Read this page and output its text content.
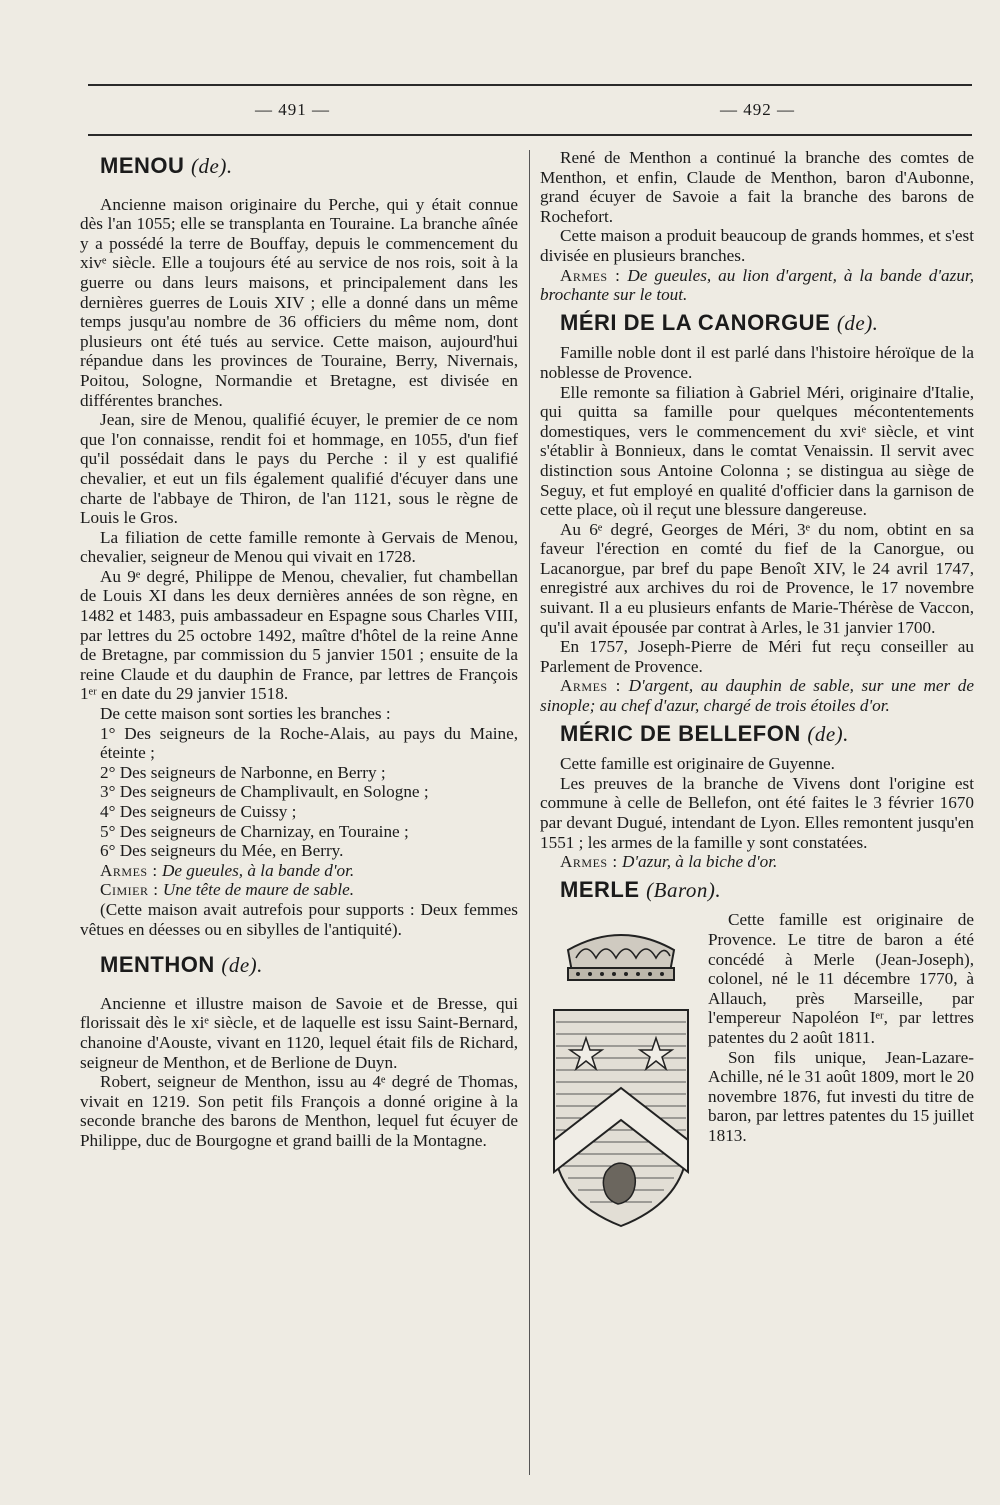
— 491 —	— 492 —
MENOU (de).

Ancienne maison originaire du Perche, qui y était connue dès l'an 1055; elle se transplanta en Touraine. La branche aînée y a possédé la terre de Bouffay, depuis le commencement du xivᵉ siècle. Elle a toujours été au service de nos rois, soit à la guerre ou dans leurs maisons, et principalement dans les dernières guerres de Louis XIV ; elle a donné dans un même temps jusqu'au nombre de 36 officiers du même nom, dont plusieurs ont été tués au service. Cette maison, aujourd'hui répandue dans les provinces de Touraine, Berry, Nivernais, Poitou, Sologne, Normandie et Bretagne, est divisée en différentes branches.

Jean, sire de Menou, qualifié écuyer, le premier de ce nom que l'on connaisse, rendit foi et hommage, en 1055, d'un fief qu'il possédait dans le pays du Perche : il y est qualifié chevalier, et eut un fils également qualifié d'écuyer dans une charte de l'abbaye de Thiron, de l'an 1121, sous le règne de Louis le Gros.

La filiation de cette famille remonte à Gervais de Menou, chevalier, seigneur de Menou qui vivait en 1728.

Au 9ᵉ degré, Philippe de Menou, chevalier, fut chambellan de Louis XI dans les deux dernières années de son règne, en 1482 et 1483, puis ambassadeur en Espagne sous Charles VIII, par lettres du 25 octobre 1492, maître d'hôtel de la reine Anne de Bretagne, par commission du 5 janvier 1501 ; ensuite de la reine Claude et du dauphin de France, par lettres de François 1ᵉʳ en date du 29 janvier 1518.

De cette maison sont sorties les branches :

1° Des seigneurs de la Roche-Alais, au pays du Maine, éteinte ;

2° Des seigneurs de Narbonne, en Berry ;

3° Des seigneurs de Champlivault, en Sologne ;

4° Des seigneurs de Cuissy ;

5° Des seigneurs de Charnizay, en Touraine ;

6° Des seigneurs du Mée, en Berry.

Armes : De gueules, à la bande d'or.

Cimier : Une tête de maure de sable.

(Cette maison avait autrefois pour supports : Deux femmes vêtues en déesses ou en sibylles de l'antiquité).

MENTHON (de).

Ancienne et illustre maison de Savoie et de Bresse, qui florissait dès le xiᵉ siècle, et de laquelle est issu Saint-Bernard, chanoine d'Aouste, vivant en 1120, lequel était fils de Richard, seigneur de Menthon, et de Berlione de Duyn.

Robert, seigneur de Menthon, issu au 4ᵉ degré de Thomas, vivait en 1219. Son petit fils François a donné origine à la seconde branche des barons de Menthon, lequel fut écuyer de Philippe, duc de Bourgogne et grand bailli de la Montagne.

René de Menthon a continué la branche des comtes de Menthon, et enfin, Claude de Menthon, baron d'Aubonne, grand écuyer de Savoie a fait la branche des barons de Rochefort.

Cette maison a produit beaucoup de grands hommes, et s'est divisée en plusieurs branches.

Armes : De gueules, au lion d'argent, à la bande d'azur, brochante sur le tout.

MÉRI DE LA CANORGUE (de).

Famille noble dont il est parlé dans l'histoire héroïque de la noblesse de Provence.

Elle remonte sa filiation à Gabriel Méri, originaire d'Italie, qui quitta sa famille pour quelques mécontentements domestiques, vers le commencement du xviᵉ siècle, et vint s'établir à Bonnieux, dans le comtat Venaissin. Il servit avec distinction sous Antoine Colonna ; se distingua au siège de Seguy, et fut employé en qualité d'officier dans la garnison de cette place, où il reçut une blessure dangereuse.

Au 6ᵉ degré, Georges de Méri, 3ᵉ du nom, obtint en sa faveur l'érection en comté du fief de la Canorgue, ou Lacanorgue, par bref du pape Benoît XIV, le 24 avril 1747, enregistré aux archives du roi de Provence, le 17 novembre suivant. Il a eu plusieurs enfants de Marie-Thérèse de Vaccon, qu'il avait épousée par contrat à Arles, le 31 janvier 1700.

En 1757, Joseph-Pierre de Méri fut reçu conseiller au Parlement de Provence.

Armes : D'argent, au dauphin de sable, sur une mer de sinople; au chef d'azur, chargé de trois étoiles d'or.

MÉRIC DE BELLEFON (de).

Cette famille est originaire de Guyenne.

Les preuves de la branche de Vivens dont l'origine est commune à celle de Bellefon, ont été faites le 3 février 1670 par devant Dugué, intendant de Lyon. Elles remontent jusqu'en 1551 ; les armes de la famille y sont constatées.

Armes : D'azur, à la biche d'or.

MERLE (Baron).

Cette famille est originaire de Provence. Le titre de baron a été concédé à Merle (Jean-Joseph), colonel, né le 11 décembre 1770, à Allauch, près Marseille, par l'empereur Napoléon Iᵉʳ, par lettres patentes du 2 août 1811.

Son fils unique, Jean-Lazare-Achille, né le 31 août 1809, mort le 20 novembre 1876, fut investi du titre de baron, par lettres patentes du 15 juillet 1813.
